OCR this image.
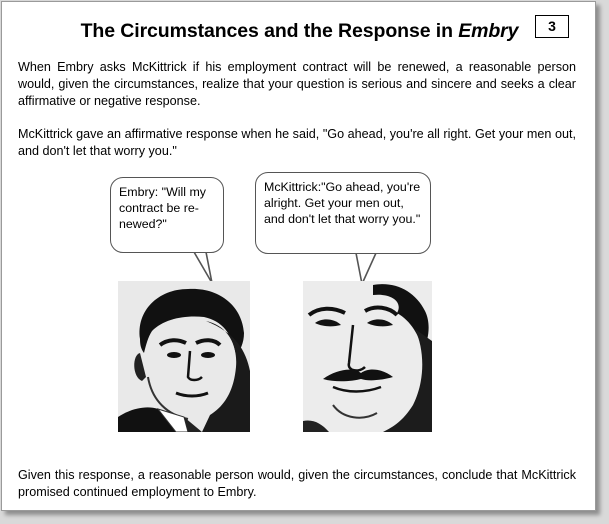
The Circumstances and the Response in Embry	3
When Embry asks McKittrick if his employment contract will be renewed, a reasonable person would, given the circumstances, realize that your question is serious and sincere and seeks a clear affirmative or negative response.
McKittrick gave an affirmative response when he said, "Go ahead, you're all right. Get your men out, and don't let that worry you."
Embry: "Will my contract be re-newed?"
McKittrick:"Go ahead, you're alright. Get your men out, and don't let that worry you."
Given this response, a reasonable person would, given the circumstances, conclude that McKittrick promised continued employment to Embry.
